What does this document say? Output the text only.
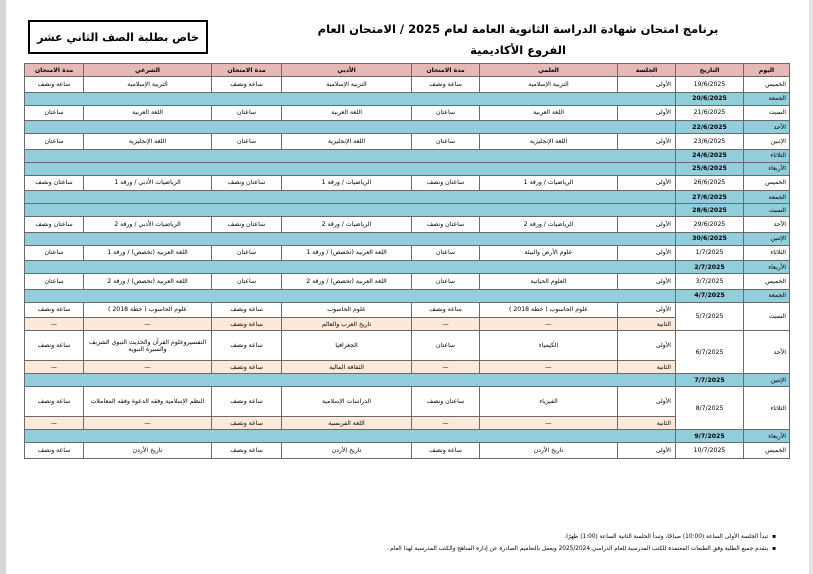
خاص بطلبة الصف الثاني عشر
برنامج امتحان شهادة الدراسة الثانوية العامة لعام 2025 / الامتحان العام
الفروع الأكاديمية
اليوم	التاريخ	الجلسة	العلمي	مدة الامتحان	الأدبي	مدة الامتحان	الشرعي	مدة الامتحان
الخميس	19/6/2025	الأولى	التربية الإسلامية	ساعة ونصف	التربية الإسلامية	ساعة ونصف	التربية الإسلامية	ساعة ونصف
الجمعة	20/6/2025							
السبت	21/6/2025	الأولى	اللغة العربية	ساعتان	اللغة العربية	ساعتان	اللغة العربية	ساعتان
الأحد	22/6/2025							
الإثنين	23/6/2025	الأولى	اللغة الإنجليزية	ساعتان	اللغة الإنجليزية	ساعتان	اللغة الإنجليزية	ساعتان
الثلاثاء	24/6/2025							
الأربعاء	25/6/2025							
الخميس	26/6/2025	الأولى	الرياضيات / ورقة 1	ساعتان ونصف	الرياضيات / ورقة 1	ساعتان ونصف	الرياضيات الأدبي / ورقة 1	ساعتان ونصف
الجمعة	27/6/2025							
السبت	28/6/2025							
الأحد	29/6/2025	الأولى	الرياضيات / ورقة 2	ساعتان ونصف	الرياضيات / ورقة 2	ساعتان ونصف	الرياضيات الأدبي / ورقة 2	ساعتان ونصف
الإثنين	30/6/2025							
الثلاثاء	1/7/2025	الأولى	علوم الأرض والبيئة	ساعتان	اللغة العربية (تخصص) / ورقة 1	ساعتان	اللغة العربية (تخصص) / ورقة 1	ساعتان
الأربعاء	2/7/2025							
الخميس	3/7/2025	الأولى	العلوم الحياتية	ساعتان	اللغة العربية (تخصص) / ورقة 2	ساعتان	اللغة العربية (تخصص) / ورقة 2	ساعتان
الجمعة	4/7/2025							
السبت	5/7/2025	الأولى	علوم الحاسوب ( خطة 2018 )	ساعة ونصف	علوم الحاسوب	ساعة ونصف	علوم الحاسوب ( خطة 2018 )	ساعة ونصف
		الثانية	—	—	تاريخ العرب والعالم	ساعة ونصف	—	—
الأحد	6/7/2025	الأولى	الكيمياء	ساعتان	الجغرافيا	ساعة ونصف	التفسيروعلوم القرآن والحديث النبوي الشريف والسيرة النبوية	ساعة ونصف
		الثانية	—	—	الثقافة المالية	ساعة ونصف	—	—
الإثنين	7/7/2025							
الثلاثاء	8/7/2025	الأولى	الفيزياء	ساعتان ونصف	الدراسات الإسلامية	ساعة ونصف	النظم الإسلامية وفقه الدعوة وفقه المعاملات	ساعة ونصف
		الثانية	—	—	اللغة الفرنسية	ساعة ونصف	—	—
الأربعاء	9/7/2025							
الخميس	10/7/2025	الأولى	تاريخ الأردن	ساعة ونصف	تاريخ الأردن	ساعة ونصف	تاريخ الأردن	ساعة ونصف
▪تبدأ الجلسة الأولى الساعة (10:00) صباحًا، وتبدأ الجلسة الثانية الساعة (1:00) ظهرًا.
▪يتقدم جميع الطلبة وفق الطبعات المعتمدة للكتب المدرسية للعام الدراسي 2025/2024 ويعمل بالتعاميم الصادرة عن إدارة المناهج والكتب المدرسية لهذا العام .
